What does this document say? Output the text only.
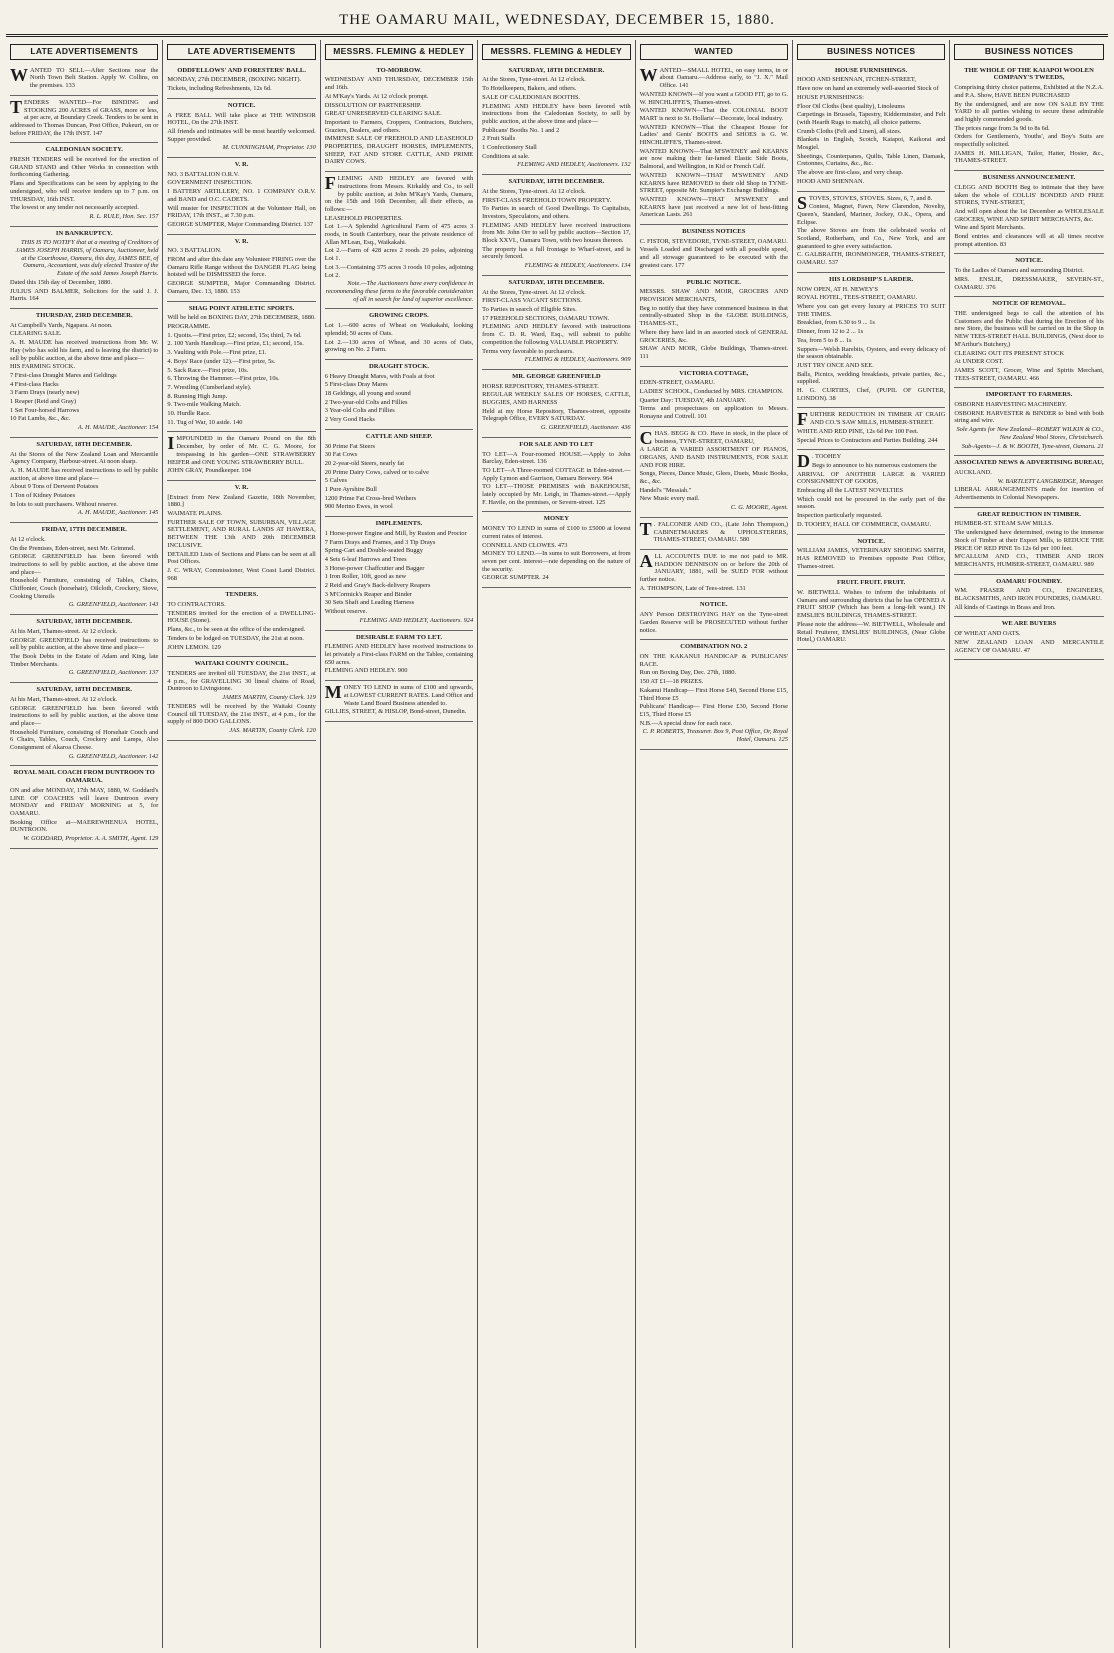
THE OAMARU MAIL, WEDNESDAY, DECEMBER 15, 1880.
LATE ADVERTISEMENTS

WANTED TO SELL—After Sections near the North Town Belt Station. Apply W. Collins, on the premises. 133

TENDERS WANTED—For BINDING and STOOKING 200 ACRES of GRASS, more or less, at per acre, at Boundary Creek. Tenders to be sent in addressed to Thomas Duncan, Post Office, Pukeuri, on or before FRIDAY, the 17th INST. 147

CALEDONIAN SOCIETY.

FRESH TENDERS will be received for the erection of GRAND STAND and Other Works in connection with forthcoming Gathering.

Plans and Specifications can be seen by applying to the undersigned, who will receive tenders up to 7 p.m. on THURSDAY, 16th INST.

The lowest or any tender not necessarily accepted.

R. L. RULE, Hon. Sec. 157

IN BANKRUPTCY.

THIS IS TO NOTIFY that at a meeting of Creditors of JAMES JOSEPH HARRIS, of Oamaru, Auctioneer, held at the Courthouse, Oamaru, this day, JAMES BEE, of Oamaru, Accountant, was duly elected Trustee of the Estate of the said James Joseph Harris.

Dated this 15th day of December, 1880.

JULIUS AND BALMER, Solicitors for the said J. J. Harris. 164

THURSDAY, 23RD DECEMBER.

At Campbell's Yards, Ngapara. At noon.

CLEARING SALE.

A. H. MAUDE has received instructions from Mr. W. Hay (who has sold his farm, and is leaving the district) to sell by public auction, at the above time and place—

HIS FARMING STOCK.

7 First-class Draught Mares and Geldings

4 First-class Hacks

3 Farm Drays (nearly new)

1 Reaper (Reid and Gray)

1 Set Four-horsed Harrows

10 Fat Lambs, &c., &c.

A. H. MAUDE, Auctioneer. 154

SATURDAY, 18TH DECEMBER.

At the Stores of the New Zealand Loan and Mercantile Agency Company, Harbour-street. At noon sharp.

A. H. MAUDE has received instructions to sell by public auction, at above time and place—

About 9 Tons of Derwent Potatoes

1 Ton of Kidney Potatoes

In lots to suit purchasers. Without reserve.

A. H. MAUDE, Auctioneer. 145

FRIDAY, 17TH DECEMBER.

At 12 o'clock.

On the Premises, Eden-street, next Mr. Grimmel.

GEORGE GREENFIELD has been favored with instructions to sell by public auction, at the above time and place—

Household Furniture, consisting of Tables, Chairs, Chiffonier, Couch (horsehair), Oilcloth, Crockery, Stove, Cooking Utensils

G. GREENFIELD, Auctioneer. 143

SATURDAY, 18TH DECEMBER.

At his Mart, Thames-street. At 12 o'clock.

GEORGE GREENFIELD has received instructions to sell by public auction, at the above time and place—

The Book Debts in the Estate of Adam and King, late Timber Merchants.

G. GREENFIELD, Auctioneer. 137

SATURDAY, 18TH DECEMBER.

At his Mart, Thames-street. At 12 o'clock.

GEORGE GREENFIELD has been favored with instructions to sell by public auction, at the above time and place—

Household Furniture, consisting of Horsehair Couch and 6 Chairs, Tables, Couch, Crockery and Lamps, Also Consignment of Akaroa Cheese.

G. GREENFIELD, Auctioneer. 142

ROYAL MAIL COACH FROM DUNTROON TO OAMARUA.

ON and after MONDAY, 17th MAY, 1880, W. Goddard's LINE OF COACHES will leave Duntroon every MONDAY and FRIDAY MORNING at 5, for OAMARU.

Booking Office at—MAEREWHENUA HOTEL, DUNTROON.

W. GODDARD, Proprietor. A. A. SMITH, Agent. 129

LATE ADVERTISEMENTS
ODDFELLOWS' AND FORESTERS' BALL.

MONDAY, 27th DECEMBER, (BOXING NIGHT).

Tickets, including Refreshments, 12s 6d.

NOTICE.

A FREE BALL Will take place at THE WINDSOR HOTEL, On the 27th INST.

All friends and intimates will be most heartily welcomed. Supper provided.

M. CUNNINGHAM, Proprietor. 130

V. R.

NO. 3 BATTALION O.R.V.

GOVERNMENT INSPECTION.

I BATTERY ARTILLERY, NO. 1 COMPANY O.R.V. and BAND and O.C. CADETS.

Will muster for INSPECTION at the Volunteer Hall, on FRIDAY, 17th INST., at 7.30 p.m.

GEORGE SUMPTER, Major Commanding District. 137

V. R.

NO. 3 BATTALION.

FROM and after this date any Volunteer FIRING over the Oamaru Rifle Range without the DANGER FLAG being hoisted will be DISMISSED the force.

GEORGE SUMPTER, Major Commanding District. Oamaru, Dec. 13, 1880. 153

SHAG POINT ATHLETIC SPORTS.

Will be held on BOXING DAY, 27th DECEMBER, 1880.

PROGRAMME.

1. Quoits.—First prize, £2; second, 15s; third, 7s 6d.

2. 100 Yards Handicap.—First prize, £1; second, 15s.

3. Vaulting with Pole.—First prize, £1.

4. Boys' Race (under 12).—First prize, 5s.

5. Sack Race.—First prize, 10s.

6. Throwing the Hammer.—First prize, 10s.

7. Wrestling (Cumberland style).

8. Running High Jump.

9. Two-mile Walking Match.

10. Hurdle Race.

11. Tug of War, 10 aside. 140

IMPOUNDED in the Oamaru Pound on the 8th December, by order of Mr. C. G. Moore, for trespassing in his garden—ONE STRAWBERRY HEIFER and ONE YOUNG STRAWBERRY BULL.

JOHN GRAY, Poundkeeper. 104

V. R.

[Extract from New Zealand Gazette, 18th November, 1880.]

WAIMATE PLAINS.

FURTHER SALE OF TOWN, SUBURBAN, VILLAGE SETTLEMENT, AND RURAL LANDS AT HAWERA, BETWEEN THE 13th AND 20th DECEMBER INCLUSIVE.

DETAILED Lists of Sections and Plans can be seen at all Post Offices.

J. C. WRAY, Commissioner, West Coast Land District. 968

TENDERS.

TO CONTRACTORS.

TENDERS invited for the erection of a DWELLING-HOUSE (Stone).

Plans, &c., to be seen at the office of the undersigned.

Tenders to be lodged on TUESDAY, the 21st at noon.

JOHN LEMON. 129

WAITAKI COUNTY COUNCIL.

TENDERS are invited till TUESDAY, the 21st INST., at 4 p.m., for GRAVELLING 30 lineal chains of Road, Duntroon to Livingstone.

JAMES MARTIN, County Clerk. 119

TENDERS will be received by the Waitaki County Council till TUESDAY, the 21st INST., at 4 p.m., for the supply of 800 DOO GALLONS.

JAS. MARTIN, County Clerk. 120

MESSRS. FLEMING & HEDLEY
TO-MORROW.

WEDNESDAY AND THURSDAY, DECEMBER 15th and 16th.

At M'Kay's Yards. At 12 o'clock prompt.

DISSOLUTION OF PARTNERSHIP.

GREAT UNRESERVED CLEARING SALE.

Important to Farmers, Croppers, Contractors, Butchers, Graziers, Dealers, and others.

IMMENSE SALE OF FREEHOLD AND LEASEHOLD PROPERTIES, DRAUGHT HORSES, IMPLEMENTS, SHEEP, FAT AND STORE CATTLE, AND PRIME DAIRY COWS.

FLEMING AND HEDLEY are favored with instructions from Messrs. Kirkaldy and Co., to sell by public auction, at John M'Kay's Yards, Oamaru, on the 15th and 16th December, all their effects, as follows:—

LEASEHOLD PROPERTIES.

Lot 1.—A Splendid Agricultural Farm of 475 acres 3 roods, in South Canterbury, near the private residence of Allan M'Lean, Esq., Waikakahi.

Lot 2.—Farm of 428 acres 2 roods 29 poles, adjoining Lot 1.

Lot 3.—Containing 375 acres 3 roods 10 poles, adjoining Lot 2.

Note.—The Auctioneers have every confidence in recommending these farms to the favorable consideration of all in search for land of superior excellence.

GROWING CROPS.

Lot 1.—600 acres of Wheat on Waikakahi, looking splendid; 50 acres of Oats.

Lot 2.—130 acres of Wheat, and 30 acres of Oats, growing on No. 2 Farm.

DRAUGHT STOCK.

6 Heavy Draught Mares, with Foals at foot

5 First-class Dray Mares

18 Geldings, all young and sound

2 Two-year-old Colts and Fillies

3 Year-old Colts and Fillies

2 Very Good Hacks

CATTLE AND SHEEP.

30 Prime Fat Steers

30 Fat Cows

20 2-year-old Steers, nearly fat

20 Prime Dairy Cows, calved or to calve

5 Calves

1 Pure Ayrshire Bull

1200 Prime Fat Cross-bred Wethers

900 Merino Ewes, in wool

IMPLEMENTS.

1 Horse-power Engine and Mill, by Ruston and Proctor

7 Farm Drays and Frames, and 3 Tip Drays

Spring-Cart and Double-seated Buggy

4 Sets 6-leaf Harrows and Trees

3 Horse-power Chaffcutter and Bagger

1 Iron Roller, 10ft, good as new

2 Reid and Gray's Back-delivery Reapers

3 M'Cormick's Reaper and Binder

30 Sets Shaft and Leading Harness

Without reserve.

FLEMING AND HEDLEY, Auctioneers. 924

DESIRABLE FARM TO LET.

FLEMING AND HEDLEY have received instructions to let privately a First-class FARM on the Tablee, containing 650 acres.

FLEMING AND HEDLEY. 900

MONEY TO LEND in sums of £100 and upwards, at LOWEST CURRENT RATES. Land Office and Waste Land Board Business attended to.

GILLIES, STREET, & HISLOP, Bond-street, Dunedin.

MESSRS. FLEMING & HEDLEY
SATURDAY, 18TH DECEMBER.

At the Stores, Tyne-street. At 12 o'clock.

To Hotelkeepers, Bakers, and others.

SALE OF CALEDONIAN BOOTHS.

FLEMING AND HEDLEY have been favored with instructions from the Caledonian Society, to sell by public auction, at the above time and place—

Publicans' Booths No. 1 and 2

2 Fruit Stalls

1 Confectionery Stall

Conditions at sale.

FLEMING AND HEDLEY, Auctioneers. 132

SATURDAY, 18TH DECEMBER.

At the Stores, Tyne-street. At 12 o'clock.

FIRST-CLASS FREEHOLD TOWN PROPERTY.

To Parties in search of Good Dwellings. To Capitalists, Investors, Speculators, and others.

FLEMING AND HEDLEY have received instructions from Mr. John Orr to sell by public auction—Section 17, Block XXVI., Oamaru Town, with two houses thereon.

The property has a full frontage to Wharf-street, and is securely fenced.

FLEMING & HEDLEY, Auctioneers. 134

SATURDAY, 18TH DECEMBER.

At the Stores, Tyne-street. At 12 o'clock.

FIRST-CLASS VACANT SECTIONS.

To Parties in search of Eligible Sites.

17 FREEHOLD SECTIONS, OAMARU TOWN.

FLEMING AND HEDLEY favored with instructions from C. D. R. Ward, Esq., will submit to public competition the following VALUABLE PROPERTY.

Terms very favorable to purchasers.

FLEMING & HEDLEY, Auctioneers. 909

MR. GEORGE GREENFIELD

HORSE REPOSITORY, THAMES-STREET.

REGULAR WEEKLY SALES OF HORSES, CATTLE, BUGGIES, AND HARNESS

Held at my Horse Repository, Thames-street, opposite Telegraph Office, EVERY SATURDAY.

G. GREENFIELD, Auctioneer. 436

FOR SALE AND TO LET

TO LET—A Four-roomed HOUSE.—Apply to John Barclay, Eden-street. 136

TO LET—A Three-roomed COTTAGE in Eden-street.—Apply Lymon and Garrison, Oamaru Brewery. 964

TO LET—THOSE PREMISES with BAKEHOUSE, lately occupied by Mr. Leigh, in Thames-street.—Apply F. Havile, on the premises, or Severn-street. 125

MONEY

MONEY TO LEND in sums of £100 to £5000 at lowest current rates of interest.

CONNELL AND CLOWES. 473

MONEY TO LEND.—In sums to suit Borrowers, at from seven per cent. interest—rate depending on the nature of the security.

GEORGE SUMPTER. 24

WANTED

WANTED—SMALL HOTEL, on easy terms, in or about Oamaru.—Address early, to "J. X." Mail Office. 141

WANTED KNOWN—If you want a GOOD FIT, go to G. W. HINCHLIFFE'S, Thames-street.

WANTED KNOWN—That the COLONIAL BOOT MART is next to St. Hollaris'—Decorate, local industry.

WANTED KNOWN—That the Cheapest House for Ladies' and Gents' BOOTS and SHOES is G. W. HINCHLIFFE'S, Thames-street.

WANTED KNOWN—That M'SWENEY and KEARNS are now making their far-famed Elastic Side Boots, Balmoral, and Wellington, in Kid or French Calf.

WANTED KNOWN—THAT M'SWENEY AND KEARNS have REMOVED to their old Shop in TYNE-STREET, opposite Mr. Sumpter's Exchange Buildings.

WANTED KNOWN—THAT M'SWENEY and KEARNS have just received a new lot of best-fitting American Lasts. 261

BUSINESS NOTICES

C. FISTOR, STEVEDORE, TYNE-STREET, OAMARU.

Vessels Loaded and Discharged with all possible speed, and all stowage guaranteed to be executed with the greatest care. 177

PUBLIC NOTICE.

MESSRS. SHAW AND MOIR, GROCERS AND PROVISION MERCHANTS,

Beg to notify that they have commenced business in that centrally-situated Shop in the GLOBE BUILDINGS, THAMES-ST.,

Where they have laid in an assorted stock of GENERAL GROCERIES, &c.

SHAW AND MOIR, Globe Buildings, Thames-street. 111

VICTORIA COTTAGE,

EDEN-STREET, OAMARU.

LADIES' SCHOOL, Conducted by MRS. CHAMPION.

Quarter Day: TUESDAY, 4th JANUARY.

Terms and prospectuses on application to Messrs. Ronayne and Cottrell. 101

CHAS. BEGG & CO. Have in stock, in the place of business, TYNE-STREET, OAMARU,

A LARGE & VARIED ASSORTMENT OF PIANOS, ORGANS, AND BAND INSTRUMENTS, FOR SALE AND FOR HIRE.

Songs, Pieces, Dance Music, Glees, Duets, Music Books, &c., &c.

Handel's "Messiah."

New Music every mail.

C. G. MOORE, Agent.

T . FALCONER AND CO., (Late John Thompson,) CABINETMAKERS & UPHOLSTERERS, THAMES-STREET, OAMARU. 580

ALL ACCOUNTS DUE to me not paid to MR. HADDON DENNISON on or before the 20th of JANUARY, 1881, will be SUED FOR without further notice.

A. THOMPSON, Late of Tees-street. 131

NOTICE.

ANY Person DESTROYING HAY on the Tyne-street Garden Reserve will be PROSECUTED without further notice.

COMBINATION NO. 2

ON THE KAKANUI HANDICAP & PUBLICANS' RACE.

Run on Boxing Day, Dec. 27th, 1880.

150 AT £1—18 PRIZES.

Kakanui Handicap— First Horse £40, Second Horse £15, Third Horse £5

Publicans' Handicap— First Horse £30, Second Horse £15, Third Horse £5

N.B.—A special draw for each race.

C. P. ROBERTS, Treasurer. Box 9, Post Office, Or, Royal Hotel, Oamaru. 125

BUSINESS NOTICES
HOUSE FURNISHINGS.

HOOD AND SHENNAN, ITCHEN-STREET,

Have now on hand an extremely well-assorted Stock of

HOUSE FURNISHINGS:

Floor Oil Cloths (best quality), Linoleums

Carpetings in Brussels, Tapestry, Kidderminster, and Felt (with Hearth Rugs to match), all choice patterns.

Crumb Cloths (Felt and Linen), all sizes.

Blankets in English, Scotch, Kaiapoi, Kaikorai and Mosgiel.

Sheetings, Counterpanes, Quilts, Table Linen, Damask, Cretonnes, Curtains, &c., &c.

The above are first-class, and very cheap.

HOOD AND SHENNAN.

STOVES, STOVES, STOVES. Sizes, 6, 7, and 8.

Contest, Magnet, Fawn, New Clarendon, Novelty, Queen's, Standard, Mariner, Jockey, O.K., Opera, and Eclipse.

The above Stoves are from the celebrated works of Scotland, Rotherham, and Co., New York, and are guaranteed to give every satisfaction.

C. GALBRAITH, IRONMONGER, THAMES-STREET, OAMARU. 537

HIS LORDSHIP'S LARDER.

NOW OPEN, AT H. NEWEY'S

ROYAL HOTEL, TEES-STREET, OAMARU.

Where you can get every luxury at PRICES TO SUIT THE TIMES.

Breakfast, from 6.30 to 9 ... 1s

Dinner, from 12 to 2 ... 1s

Tea, from 5 to 8 ... 1s

Suppers—Welsh Rarebits, Oysters, and every delicacy of the season obtainable.

JUST TRY ONCE AND SEE.

Balls, Picnics, wedding breakfasts, private parties, &c., supplied.

H. G. CURTIES, Chef, (PUPIL OF GUNTER, LONDON). 38

FURTHER REDUCTION IN TIMBER AT CRAIG AND CO.'S SAW MILLS, HUMBER-STREET.

WHITE AND RED PINE, 12s 6d Per 100 Feet.

Special Prices to Contractors and Parties Building. 244

D . TOOHEY

Begs to announce to his numerous customers the

ARRIVAL OF ANOTHER LARGE & VARIED CONSIGNMENT OF GOODS,

Embracing all the LATEST NOVELTIES

Which could not be procured in the early part of the season.

Inspection particularly requested.

D. TOOHEY, HALL OF COMMERCE, OAMARU.

NOTICE.

WILLIAM JAMES, VETERINARY SHOEING SMITH, HAS REMOVED to Premises opposite Post Office, Thames-street.

FRUIT. FRUIT. FRUIT.

W. BIETWELL Wishes to inform the inhabitants of Oamaru and surrounding districts that he has OPENED A FRUIT SHOP (Which has been a long-felt want,) IN EMSLIE'S BUILDINGS, THAMES-STREET.

Please note the address—W. BIETWELL, Wholesale and Retail Fruiterer, EMSLIES' BUILDINGS, (Near Globe Hotel,) OAMARU.

BUSINESS NOTICES
THE WHOLE OF THE KAIAPOI WOOLEN COMPANY'S TWEEDS,

Comprising thirty choice patterns, Exhibited at the N.Z.A. and P.A. Show, HAVE BEEN PURCHASED

By the undersigned, and are now ON SALE BY THE YARD to all parties wishing to secure these admirable and highly commended goods.

The prices range from 3s 9d to 8s 6d.

Orders for Gentlemen's, Youths', and Boy's Suits are respectfully solicited.

JAMES H. MILLIGAN, Tailor, Hatter, Hosier, &c., THAMES-STREET.

BUSINESS ANNOUNCEMENT.

CLEGG AND BOOTH Beg to intimate that they have taken the whole of COLLIS' BONDED AND FREE STORES, TYNE-STREET,

And will open about the 1st December as WHOLESALE GROCERS, WINE AND SPIRIT MERCHANTS, &c.

Wine and Spirit Merchants.

Bond entries and clearances will at all times receive prompt attention. 83

NOTICE.

To the Ladies of Oamaru and surrounding District.

MRS. ENSLIE, DRESSMAKER, SEVERN-ST., OAMARU. 376

NOTICE OF REMOVAL.

THE undersigned begs to call the attention of his Customers and the Public that during the Erection of his new Store, the business will be carried on in the Shop in NEW TEES-STREET HALL BUILDINGS, (Next door to M'Arthur's Butchery,)

CLEARING OUT ITS PRESENT STOCK

At UNDER COST.

JAMES SCOTT, Grocer, Wine and Spirits Merchant, TEES-STREET, OAMARU. 466

IMPORTANT TO FARMERS.

OSBORNE HARVESTING MACHINERY.

OSBORNE HARVESTER & BINDER to bind with both string and wire.

Sole Agents for New Zealand—ROBERT WILKIN & CO., New Zealand Wool Stores, Christchurch.

Sub-Agents—J. & W. BOOTH, Tyne-street, Oamaru. 21

ASSOCIATED NEWS & ADVERTISING BUREAU,

AUCKLAND.

W. BARTLETT LANGBRIDGE, Manager.

LIBERAL ARRANGEMENTS made for insertion of Advertisements in Colonial Newspapers.

GREAT REDUCTION IN TIMBER.

HUMBER-ST. STEAM SAW MILLS.

The undersigned have determined, owing to the immense Stock of Timber at their Export Mills, to REDUCE THE PRICE OF RED PINE To 12s 6d per 100 feet.

M'CALLUM AND CO., TIMBER AND IRON MERCHANTS, HUMBER-STREET, OAMARU. 989

OAMARU FOUNDRY.

WM. FRASER AND CO., ENGINEERS, BLACKSMITHS, AND IRON FOUNDERS, OAMARU.

All kinds of Castings in Brass and Iron.

WE ARE BUYERS

OF WHEAT AND OATS.

NEW ZEALAND LOAN AND MERCANTILE AGENCY OF OAMARU. 47
